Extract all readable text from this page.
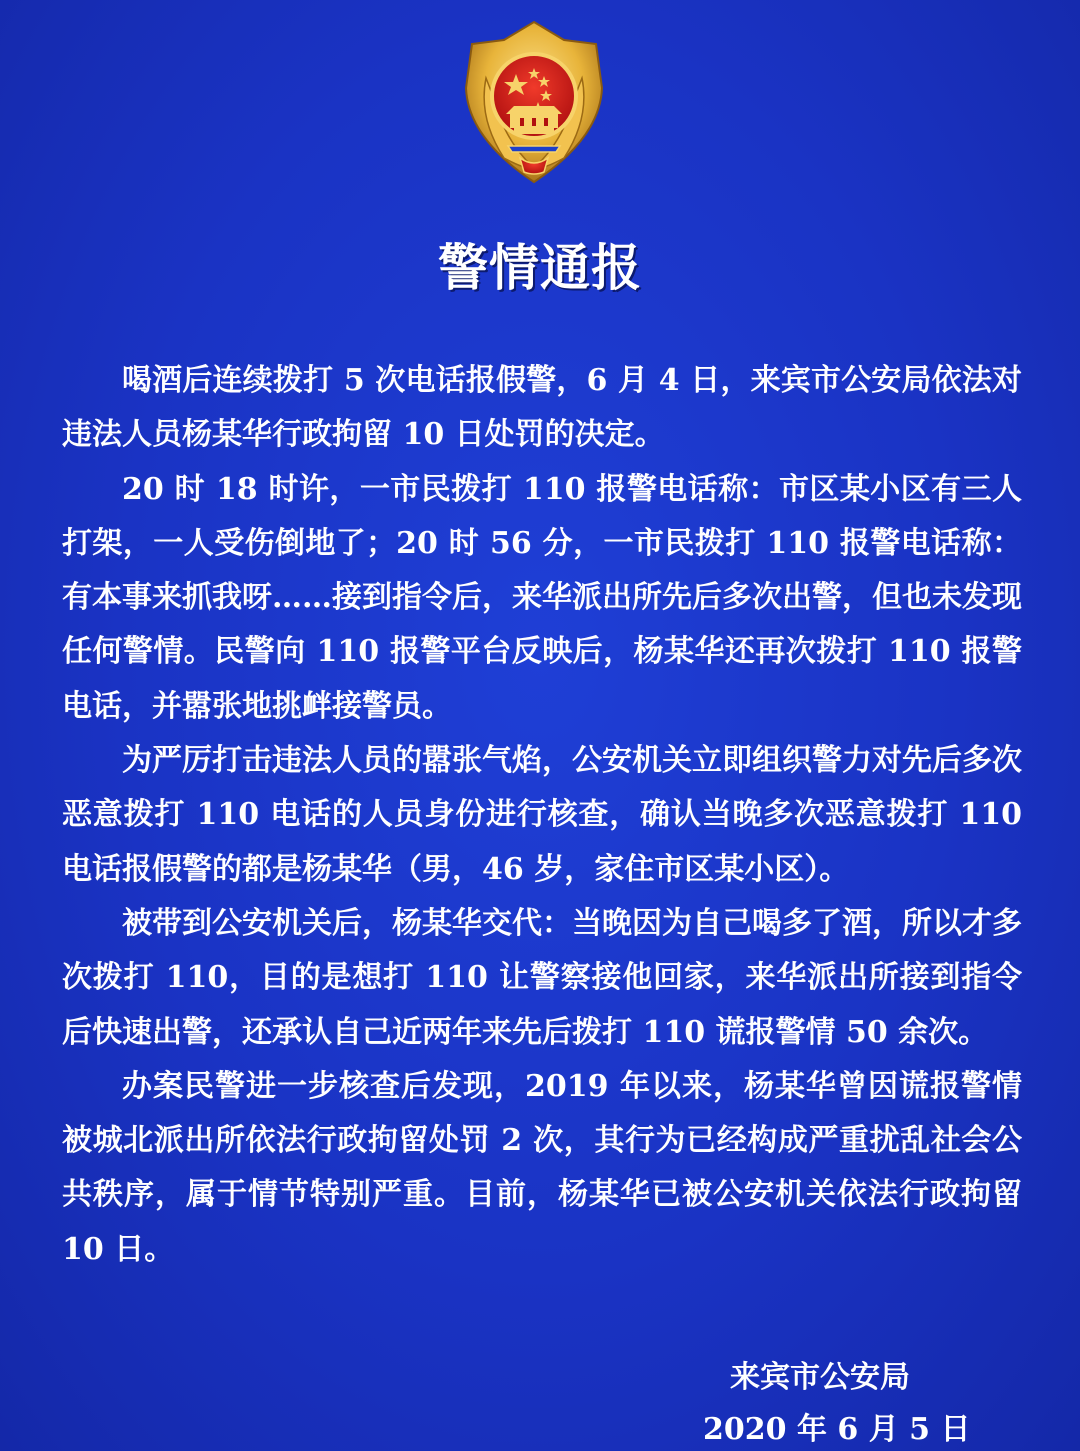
警情通报

喝酒后连续拨打 5 次电话报假警，6 月 4 日，来宾市公安局依法对违法人员杨某华行政拘留 10 日处罚的决定。

20 时 18 时许，一市民拨打 110 报警电话称：市区某小区有三人打架，一人受伤倒地了；20 时 56 分，一市民拨打 110 报警电话称：有本事来抓我呀……接到指令后，来华派出所先后多次出警，但也未发现任何警情。民警向 110 报警平台反映后，杨某华还再次拨打 110 报警电话，并嚣张地挑衅接警员。

为严厉打击违法人员的嚣张气焰，公安机关立即组织警力对先后多次恶意拨打 110 电话的人员身份进行核查，确认当晚多次恶意拨打 110 电话报假警的都是杨某华（男，46 岁，家住市区某小区）。

被带到公安机关后，杨某华交代：当晚因为自己喝多了酒，所以才多次拨打 110，目的是想打 110 让警察接他回家，来华派出所接到指令后快速出警，还承认自己近两年来先后拨打 110 谎报警情 50 余次。

办案民警进一步核查后发现，2019 年以来，杨某华曾因谎报警情被城北派出所依法行政拘留处罚 2 次，其行为已经构成严重扰乱社会公共秩序，属于情节特别严重。目前，杨某华已被公安机关依法行政拘留 10 日。

来宾市公安局
2020 年 6 月 5 日
